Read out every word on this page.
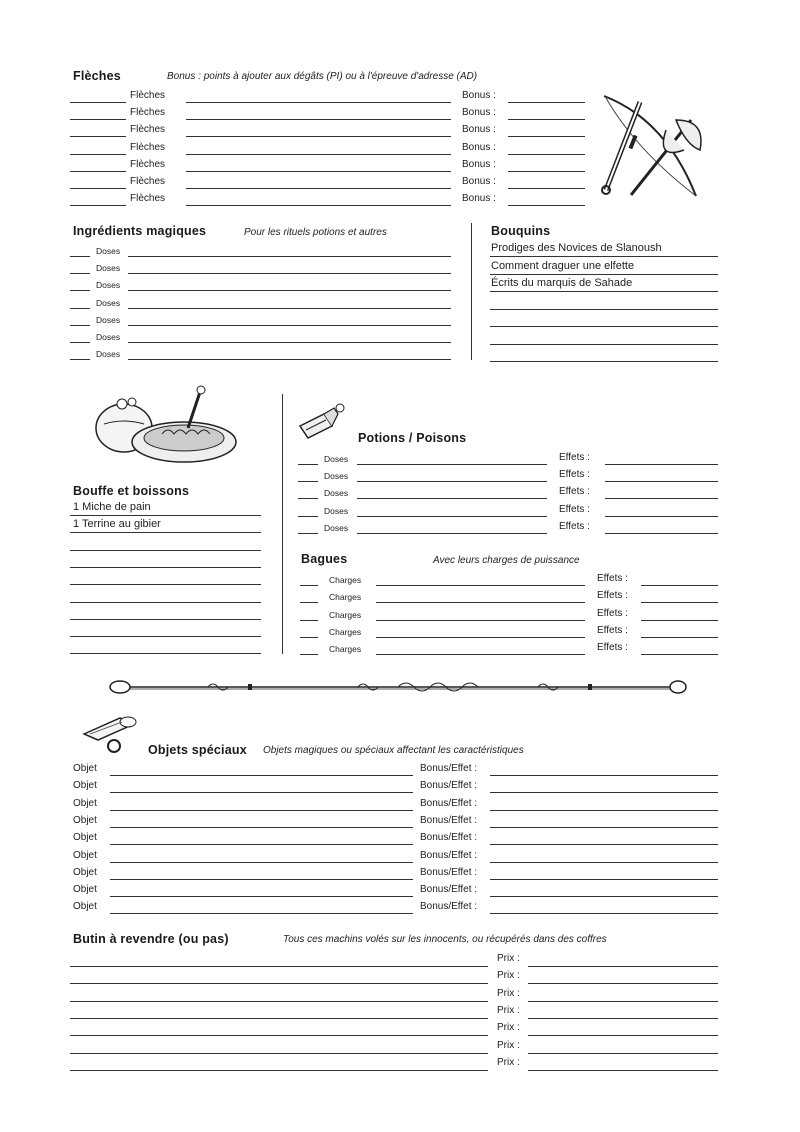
Flèches	Bonus : points à ajouter aux dégâts (PI) ou à l'épreuve d'adresse (AD)
Flèches	Bonus :
Flèches	Bonus :
Flèches	Bonus :
Flèches	Bonus :
Flèches	Bonus :
Flèches	Bonus :
Flèches	Bonus :
Ingrédients magiques	Pour les rituels potions et autres
Doses
Doses
Doses
Doses
Doses
Doses
Doses
Bouquins
Prodiges des Novices de Slanoush
Comment draguer une elfette
Écrits du marquis de Sahade
Bouffe et boissons
1 Miche de pain
1 Terrine au gibier
Potions / Poisons
Doses	Effets :
Doses	Effets :
Doses	Effets :
Doses	Effets :
Doses	Effets :
Bagues	Avec leurs charges de puissance
Charges	Effets :
Charges	Effets :
Charges	Effets :
Charges	Effets :
Charges	Effets :
Objets spéciaux Objets magiques ou spéciaux affectant les caractéristiques
Objet	Bonus/Effet :
Objet	Bonus/Effet :
Objet	Bonus/Effet :
Objet	Bonus/Effet :
Objet	Bonus/Effet :
Objet	Bonus/Effet :
Objet	Bonus/Effet :
Objet	Bonus/Effet :
Objet	Bonus/Effet :
Butin à revendre (ou pas)	Tous ces machins volés sur les innocents, ou récupérés dans des coffres
Prix :
Prix :
Prix :
Prix :
Prix :
Prix :
Prix :
